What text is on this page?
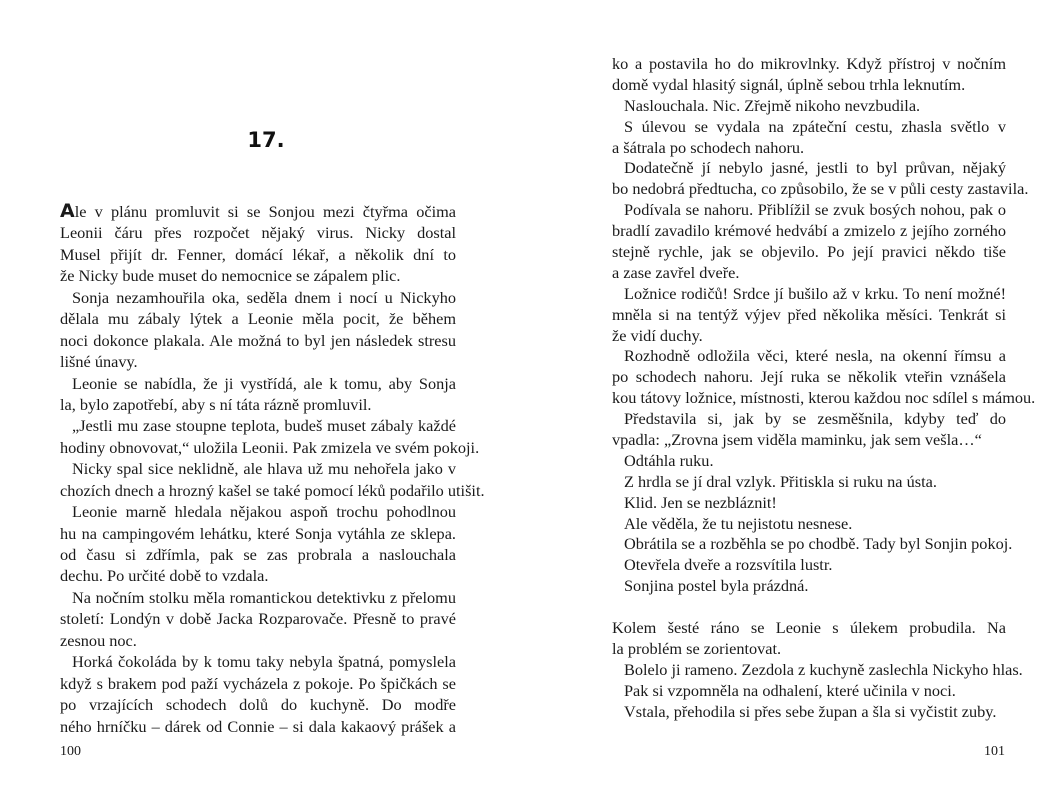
17.
Ale v plánu promluvit si se Sonjou mezi čtyřma očima
Leonii čáru přes rozpočet nějaký virus. Nicky dostal
Musel přijít dr. Fenner, domácí lékař, a několik dní to
že Nicky bude muset do nemocnice se zápalem plic.
Sonja nezamhouřila oka, seděla dnem i nocí u Nickyho
dělala mu zábaly lýtek a Leonie měla pocit, že během
noci dokonce plakala. Ale možná to byl jen následek stresu
lišné únavy.
Leonie se nabídla, že ji vystřídá, ale k tomu, aby Sonja
la, bylo zapotřebí, aby s ní táta rázně promluvil.
„Jestli mu zase stoupne teplota, budeš muset zábaly každé
hodiny obnovovat,“ uložila Leonii. Pak zmizela ve svém pokoji.
Nicky spal sice neklidně, ale hlava už mu nehořela jako v
chozích dnech a hrozný kašel se také pomocí léků podařilo utišit.
Leonie marně hledala nějakou aspoň trochu pohodlnou
hu na campingovém lehátku, které Sonja vytáhla ze sklepa.
od času si zdřímla, pak se zas probrala a naslouchala
dechu. Po určité době to vzdala.
Na nočním stolku měla romantickou detektivku z přelomu
století: Londýn v době Jacka Rozparovače. Přesně to pravé
zesnou noc.
Horká čokoláda by k tomu taky nebyla špatná, pomyslela
když s brakem pod paží vycházela z pokoje. Po špičkách se
po vrzajících schodech dolů do kuchyně. Do modře
ného hrníčku – dárek od Connie – si dala kakaový prášek a
100
ko a postavila ho do mikrovlnky. Když přístroj v nočním
domě vydal hlasitý signál, úplně sebou trhla leknutím.
Naslouchala. Nic. Zřejmě nikoho nevzbudila.
S úlevou se vydala na zpáteční cestu, zhasla světlo v
a šátrala po schodech nahoru.
Dodatečně jí nebylo jasné, jestli to byl průvan, nějaký
bo nedobrá předtucha, co způsobilo, že se v půli cesty zastavila.
Podívala se nahoru. Přiblížil se zvuk bosých nohou, pak o
bradlí zavadilo krémové hedvábí a zmizelo z jejího zorného
stejně rychle, jak se objevilo. Po její pravici někdo tiše
a zase zavřel dveře.
Ložnice rodičů! Srdce jí bušilo až v krku. To není možné!
mněla si na tentýž výjev před několika měsíci. Tenkrát si
že vidí duchy.
Rozhodně odložila věci, které nesla, na okenní římsu a
po schodech nahoru. Její ruka se několik vteřin vznášela
kou tátovy ložnice, místnosti, kterou každou noc sdílel s mámou.
Představila si, jak by se zesměšnila, kdyby teď do
vpadla: „Zrovna jsem viděla maminku, jak sem vešla…“
Odtáhla ruku.
Z hrdla se jí dral vzlyk. Přitiskla si ruku na ústa.
Klid. Jen se nezbláznit!
Ale věděla, že tu nejistotu nesnese.
Obrátila se a rozběhla se po chodbě. Tady byl Sonjin pokoj.
Otevřela dveře a rozsvítila lustr.
Sonjina postel byla prázdná.
Kolem šesté ráno se Leonie s úlekem probudila. Na
la problém se zorientovat.
Bolelo ji rameno. Zezdola z kuchyně zaslechla Nickyho hlas.
Pak si vzpomněla na odhalení, které učinila v noci.
Vstala, přehodila si přes sebe župan a šla si vyčistit zuby.
101
